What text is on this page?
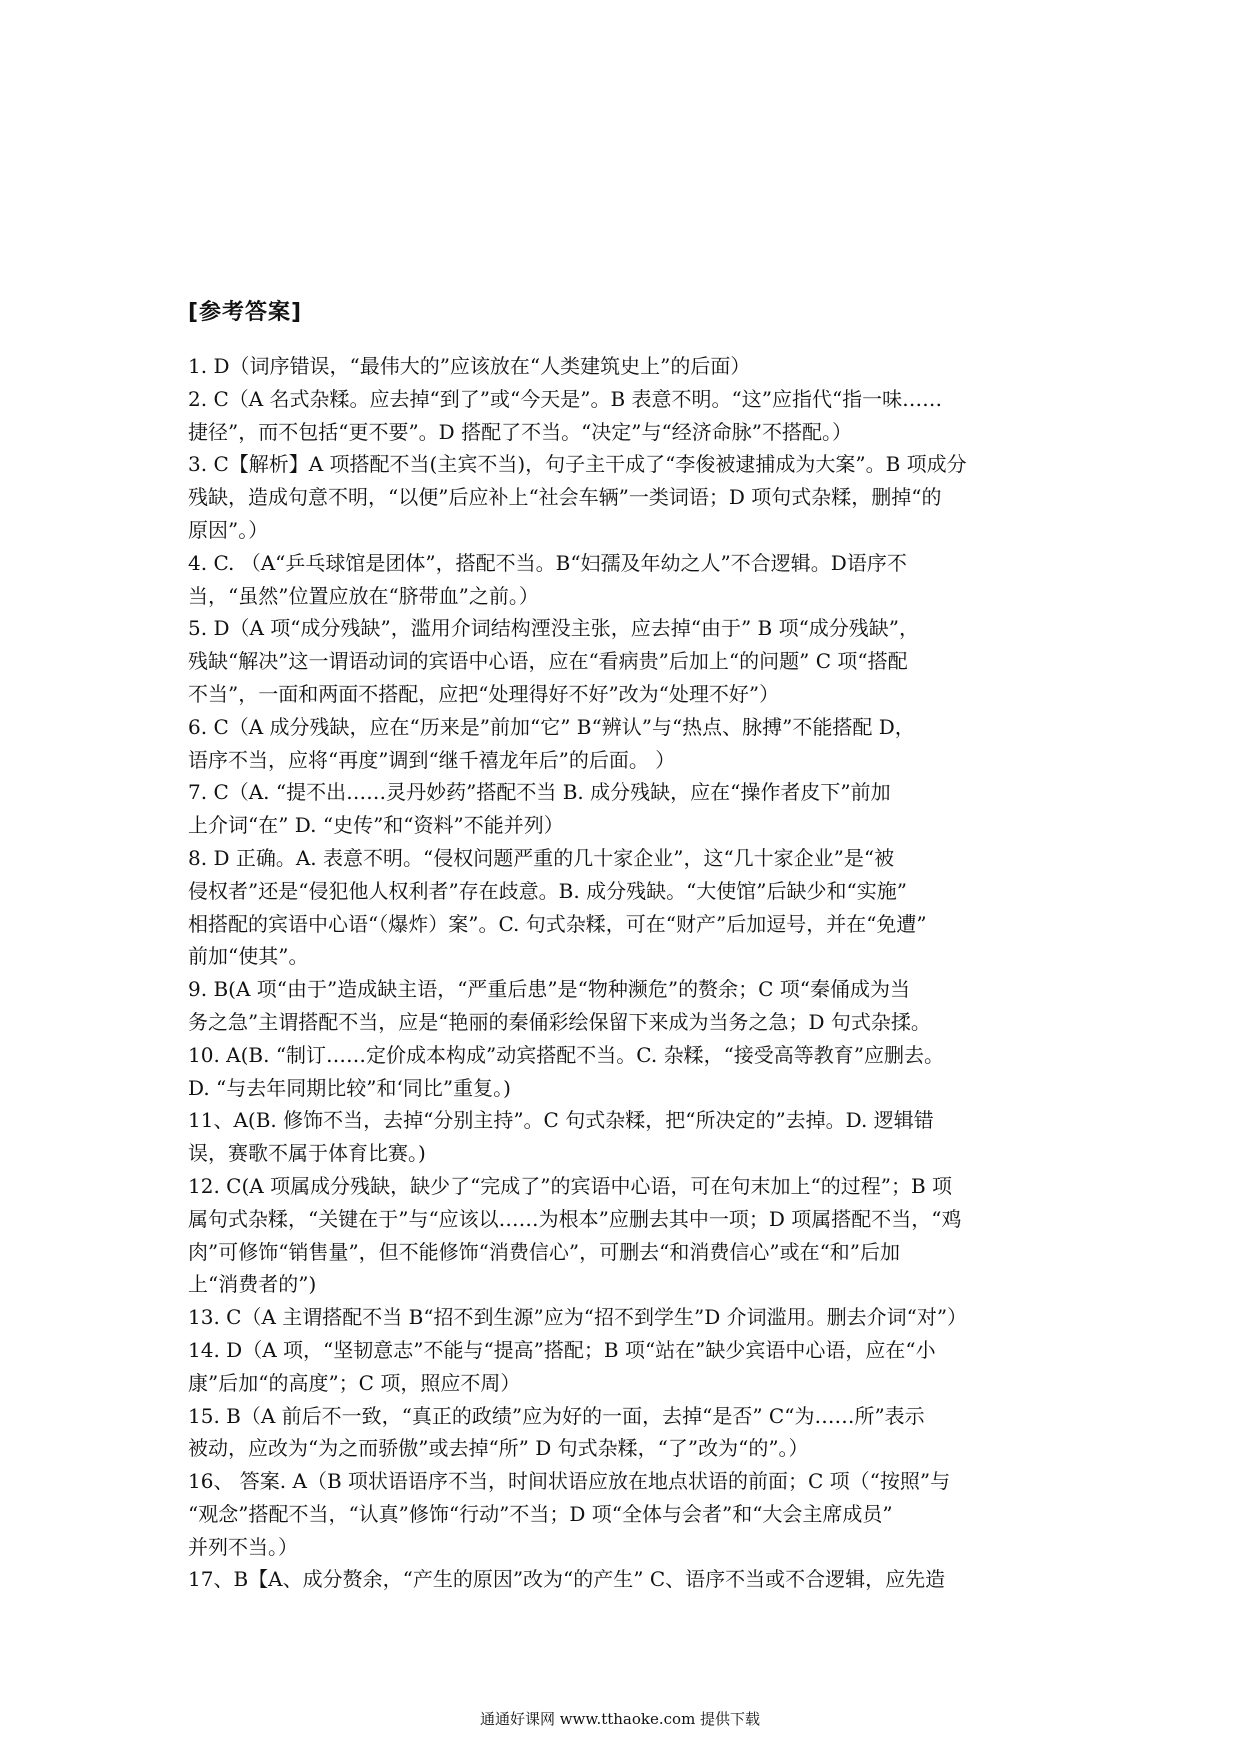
[参考答案]
1. D（词序错误，“最伟大的”应该放在“人类建筑史上”的后面）
2. C（A 名式杂糅。应去掉“到了”或“今天是”。B 表意不明。“这”应指代“指一味……
捷径”，而不包括“更不要”。D 搭配了不当。“决定”与“经济命脉”不搭配。）
3. C【解析】A 项搭配不当(主宾不当)，句子主干成了“李俊被逮捕成为大案”。B 项成分
残缺，造成句意不明，“以便”后应补上“社会车辆”一类词语；D 项句式杂糅，删掉“的
原因”。）
4. C. （A“乒乓球馆是团体”，搭配不当。B“妇孺及年幼之人”不合逻辑。D语序不
当，“虽然”位置应放在“脐带血”之前。）
5. D（A 项“成分残缺”，滥用介词结构湮没主张，应去掉“由于” B 项“成分残缺”，
残缺“解决”这一谓语动词的宾语中心语，应在“看病贵”后加上“的问题” C 项“搭配
不当”，一面和两面不搭配，应把“处理得好不好”改为“处理不好”）
6. C（A 成分残缺，应在“历来是”前加“它” B“辨认”与“热点、脉搏”不能搭配 D，
语序不当，应将“再度”调到“继千禧龙年后”的后面。 ）
7. C（A. “提不出……灵丹妙药”搭配不当 B. 成分残缺，应在“操作者皮下”前加
上介词“在” D. “史传”和“资料”不能并列）
8. D 正确。A. 表意不明。“侵权问题严重的几十家企业”，这“几十家企业”是“被
侵权者”还是“侵犯他人权利者”存在歧意。B. 成分残缺。“大使馆”后缺少和“实施”
相搭配的宾语中心语“（爆炸）案”。C. 句式杂糅，可在“财产”后加逗号，并在“免遭”
前加“使其”。
9. B(A 项“由于”造成缺主语，“严重后患”是“物种濒危”的赘余；C 项“秦俑成为当
务之急”主谓搭配不当，应是“艳丽的秦俑彩绘保留下来成为当务之急；D 句式杂揉。
10. A(B. “制订……定价成本构成”动宾搭配不当。C. 杂糅，“接受高等教育”应删去。
D. “与去年同期比较”和‘同比”重复。)
11、A(B. 修饰不当，去掉“分别主持”。C 句式杂糅，把“所决定的”去掉。D. 逻辑错
误，赛歌不属于体育比赛。)
12. C(A 项属成分残缺，缺少了“完成了”的宾语中心语，可在句末加上“的过程”；B 项
属句式杂糅，“关键在于”与“应该以……为根本”应删去其中一项；D 项属搭配不当，“鸡
肉”可修饰“销售量”，但不能修饰“消费信心”，可删去“和消费信心”或在“和”后加
上“消费者的”)
13. C（A 主谓搭配不当 B“招不到生源”应为“招不到学生”D 介词滥用。删去介词“对”）
14. D（A 项，“坚韧意志”不能与“提高”搭配；B 项“站在”缺少宾语中心语，应在“小
康”后加“的高度”；C 项，照应不周）
15. B（A 前后不一致，“真正的政绩”应为好的一面，去掉“是否” C“为……所”表示
被动，应改为“为之而骄傲”或去掉“所” D 句式杂糅，“了”改为“的”。）
16、 答案. A（B 项状语语序不当，时间状语应放在地点状语的前面；C 项（“按照”与
“观念”搭配不当，“认真”修饰“行动”不当；D 项“全体与会者”和“大会主席成员”
并列不当。）
17、B【A、成分赘余，“产生的原因”改为“的产生” C、语序不当或不合逻辑，应先造
通通好课网 www.tthaoke.com 提供下载
